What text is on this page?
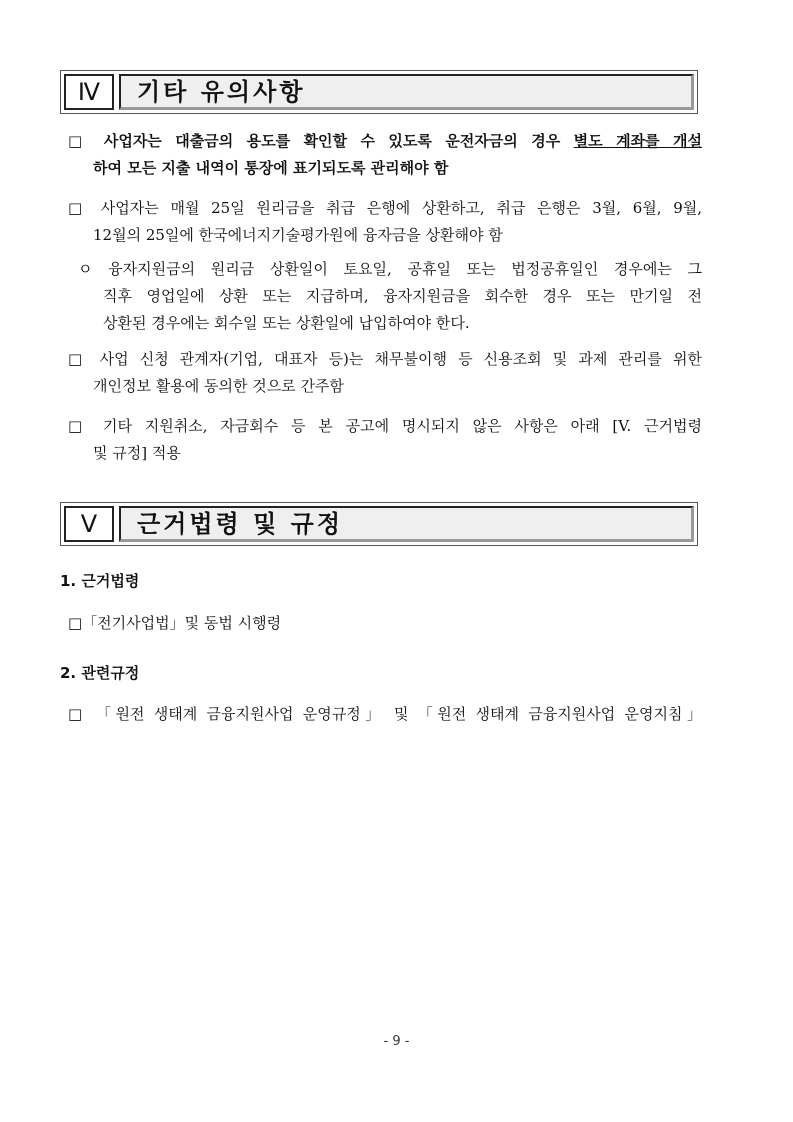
Ⅳ	기타 유의사항
□ 사업자는 대출금의 용도를 확인할 수 있도록 운전자금의 경우 별도 계좌를 개설
하여 모든 지출 내역이 통장에 표기되도록 관리해야 함
□ 사업자는 매월 25일 원리금을 취급 은행에 상환하고, 취급 은행은 3월, 6월, 9월,
12월의 25일에 한국에너지기술평가원에 융자금을 상환해야 함
ㅇ 융자지원금의 원리금 상환일이 토요일, 공휴일 또는 법정공휴일인 경우에는 그
직후 영업일에 상환 또는 지급하며, 융자지원금을 회수한 경우 또는 만기일 전
상환된 경우에는 회수일 또는 상환일에 납입하여야 한다.
□ 사업 신청 관계자(기업, 대표자 등)는 채무불이행 등 신용조회 및 과제 관리를 위한
개인정보 활용에 동의한 것으로 간주함
□ 기타 지원취소, 자금회수 등 본 공고에 명시되지 않은 사항은 아래 [V. 근거법령
및 규정] 적용
Ⅴ	근거법령 및 규정
1. 근거법령
□「전기사업법」및 동법 시행령
2. 관련규정
□ 「원전 생태계 금융지원사업 운영규정」 및 「원전 생태계 금융지원사업 운영지침」
- 9 -
